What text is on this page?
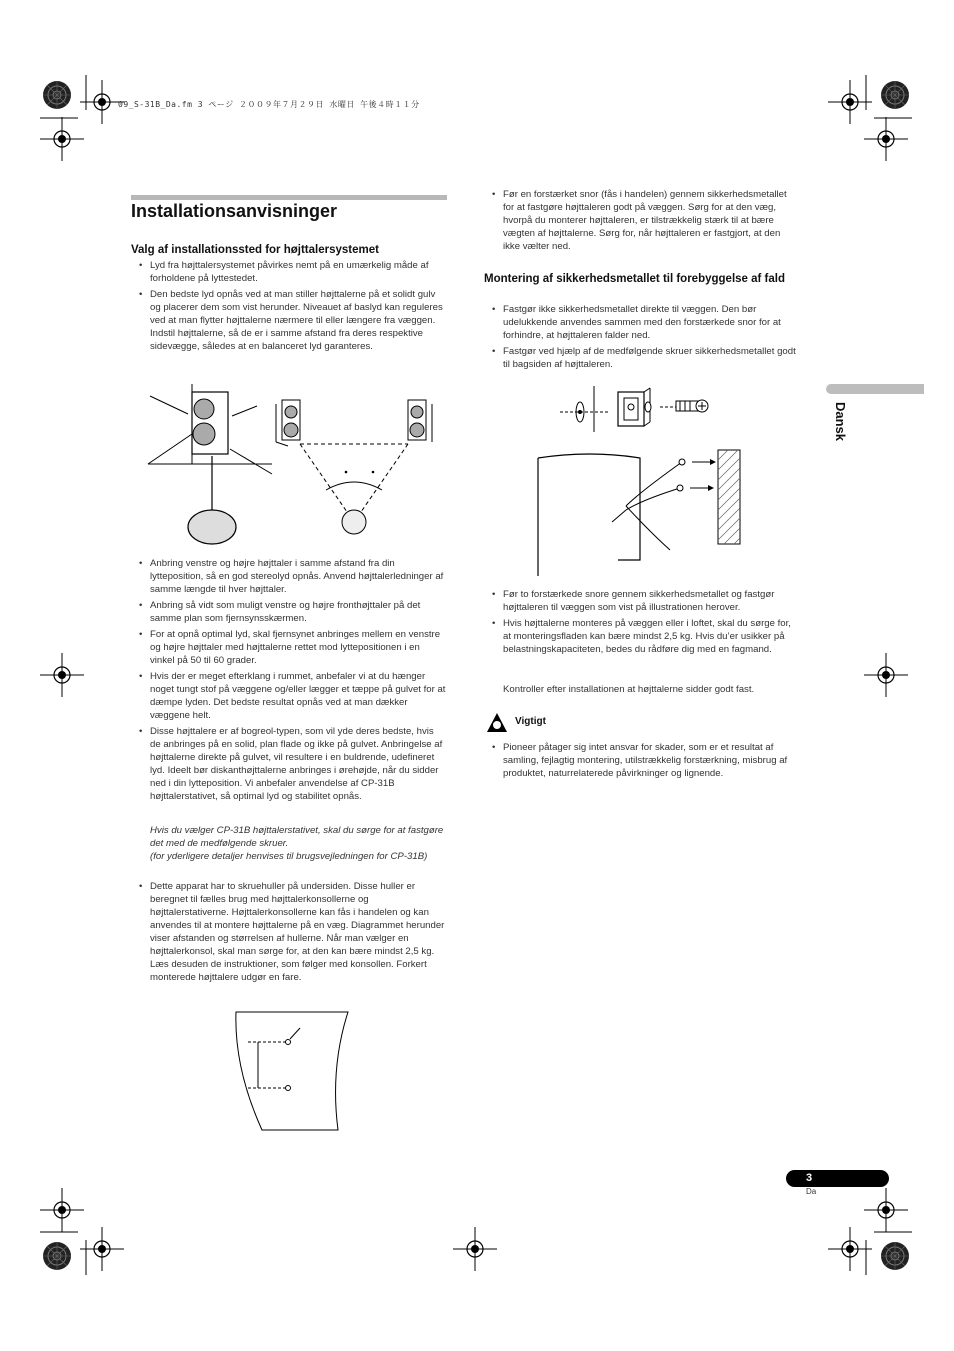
09_S-31B_Da.fm 3 ページ ２００９年７月２９日 水曜日 午後４時１１分
Installationsanvisninger
Valg af installationssted for højttalersystemet
• Lyd fra højttalersystemet påvirkes nemt på en umærkelig måde af forholdene på lyttestedet.
• Den bedste lyd opnås ved at man stiller højttalerne på et solidt gulv og placerer dem som vist herunder. Niveauet af baslyd kan reguleres ved at man flytter højttalerne nærmere til eller længere fra væggen. Indstil højttalerne, så de er i samme afstand fra deres respektive sidevægge, således at en balanceret lyd garanteres.
• Anbring venstre og højre højttaler i samme afstand fra din lytteposition, så en god stereolyd opnås. Anvend højttalerledninger af samme længde til hver højttaler.
• Anbring så vidt som muligt venstre og højre fronthøjttaler på det samme plan som fjernsynsskærmen.
• For at opnå optimal lyd, skal fjernsynet anbringes mellem en venstre og højre højttaler med højttalerne rettet mod lyttepositionen i en vinkel på 50 til 60 grader.
• Hvis der er meget efterklang i rummet, anbefaler vi at du hænger noget tungt stof på væggene og/eller lægger et tæppe på gulvet for at dæmpe lyden. Det bedste resultat opnås ved at man dækker væggene helt.
• Disse højttalere er af bogreol-typen, som vil yde deres bedste, hvis de anbringes på en solid, plan flade og ikke på gulvet. Anbringelse af højttalerne direkte på gulvet, vil resultere i en buldrende, udefineret lyd. Ideelt bør diskanthøjttalerne anbringes i ørehøjde, når du sidder ned i din lytteposition. Vi anbefaler anvendelse af CP-31B højttalerstativet, så optimal lyd og stabilitet opnås.
Hvis du vælger CP-31B højttalerstativet, skal du sørge for at fastgøre det med de medfølgende skruer.
(for yderligere detaljer henvises til brugsvejledningen for CP-31B)
• Dette apparat har to skruehuller på undersiden. Disse huller er beregnet til fælles brug med højttalerkonsollerne og højttalerstativerne. Højttalerkonsollerne kan fås i handelen og kan anvendes til at montere højttalerne på en væg. Diagrammet herunder viser afstanden og størrelsen af hullerne. Når man vælger en højttalerkonsol, skal man sørge for, at den kan bære mindst 2,5 kg. Læs desuden de instruktioner, som følger med konsollen. Forkert monterede højttalere udgør en fare.
• Før en forstærket snor (fås i handelen) gennem sikkerhedsmetallet for at fastgøre højttaleren godt på væggen. Sørg for at den væg, hvorpå du monterer højttaleren, er tilstrækkelig stærk til at bære vægten af højttalerne. Sørg for, når højttaleren er fastgjort, at den ikke vælter ned.
Montering af sikkerhedsmetallet til forebyggelse af fald
• Fastgør ikke sikkerhedsmetallet direkte til væggen. Den bør udelukkende anvendes sammen med den forstærkede snor for at forhindre, at højttaleren falder ned.
• Fastgør ved hjælp af de medfølgende skruer sikkerhedsmetallet godt til bagsiden af højttaleren.
• Før to forstærkede snore gennem sikkerhedsmetallet og fastgør højttaleren til væggen som vist på illustrationen herover.
• Hvis højttalerne monteres på væggen eller i loftet, skal du sørge for, at monteringsfladen kan bære mindst 2,5 kg. Hvis du’er usikker på belastningskapaciteten, bedes du rådføre dig med en fagmand.
Kontroller efter installationen at højttalerne sidder godt fast.
Vigtigt
• Pioneer påtager sig intet ansvar for skader, som er et resultat af samling, fejlagtig montering, utilstrækkelig forstærkning, misbrug af produktet, naturrelaterede påvirkninger og lignende.
Dansk
3
Da
